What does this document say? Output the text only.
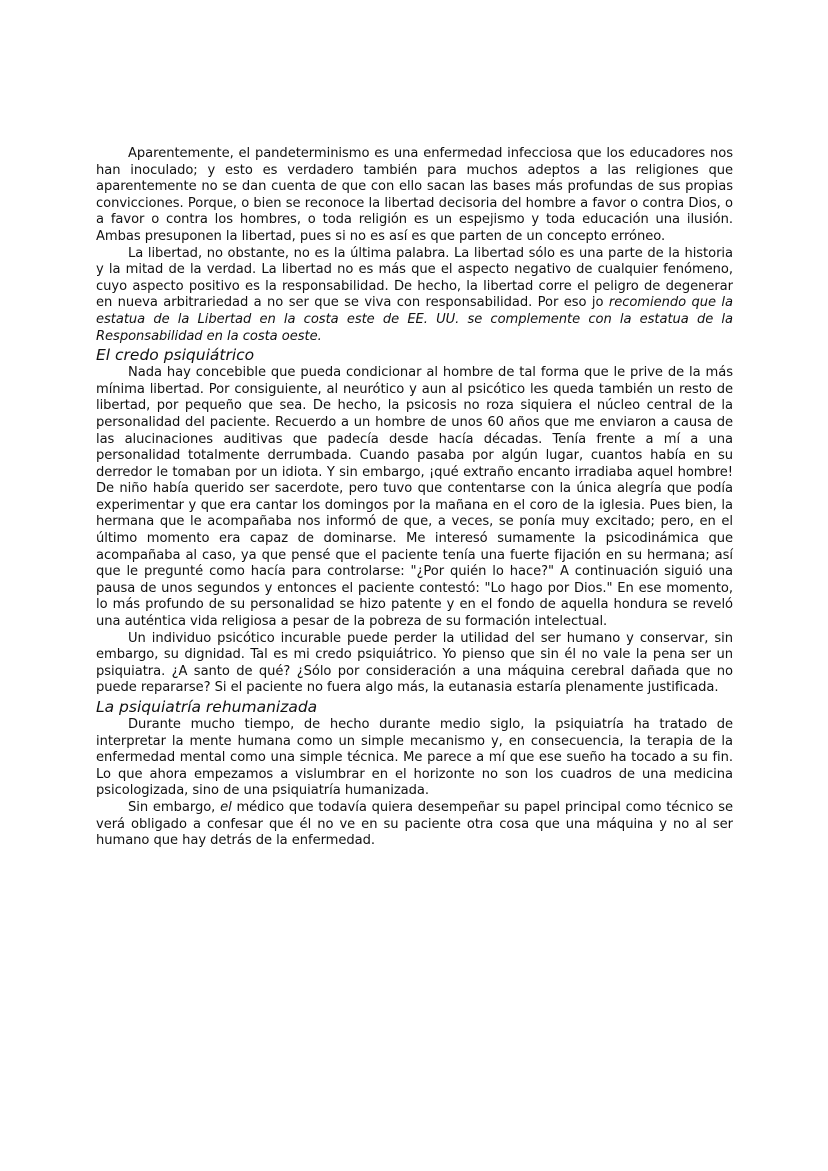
Aparentemente, el pandeterminismo es una enfermedad infecciosa que los educadores nos han inoculado; y esto es verdadero también para muchos adeptos a las religiones que aparentemente no se dan cuenta de que con ello sacan las bases más profundas de sus propias convicciones. Porque, o bien se reconoce la libertad decisoria del hombre a favor o contra Dios, o a favor o contra los hombres, o toda religión es un espejismo y toda educación una ilusión. Ambas presuponen la libertad, pues si no es así es que parten de un concepto erróneo.

La libertad, no obstante, no es la última palabra. La libertad sólo es una parte de la historia y la mitad de la verdad. La libertad no es más que el aspecto negativo de cualquier fenómeno, cuyo aspecto positivo es la responsabilidad. De hecho, la libertad corre el peligro de degenerar en nueva arbitrariedad a no ser que se viva con responsabilidad. Por eso jo recomiendo que la estatua de la Libertad en la costa este de EE. UU. se complemente con la estatua de la Responsabilidad en la costa oeste.

El credo psiquiátrico

Nada hay concebible que pueda condicionar al hombre de tal forma que le prive de la más mínima libertad. Por consiguiente, al neurótico y aun al psicótico les queda también un resto de libertad, por pequeño que sea. De hecho, la psicosis no roza siquiera el núcleo central de la personalidad del paciente. Recuerdo a un hombre de unos 60 años que me enviaron a causa de las alucinaciones auditivas que padecía desde hacía décadas. Tenía frente a mí a una personalidad totalmente derrumbada. Cuando pasaba por algún lugar, cuantos había en su derredor le tomaban por un idiota. Y sin embargo, ¡qué extraño encanto irradiaba aquel hombre! De niño había querido ser sacerdote, pero tuvo que contentarse con la única alegría que podía experimentar y que era cantar los domingos por la mañana en el coro de la iglesia. Pues bien, la hermana que le acompañaba nos informó de que, a veces, se ponía muy excitado; pero, en el último momento era capaz de dominarse. Me interesó sumamente la psicodinámica que acompañaba al caso, ya que pensé que el paciente tenía una fuerte fijación en su hermana; así que le pregunté como hacía para controlarse: "¿Por quién lo hace?" A continuación siguió una pausa de unos segundos y entonces el paciente contestó: "Lo hago por Dios." En ese momento, lo más profundo de su personalidad se hizo patente y en el fondo de aquella hondura se reveló una auténtica vida religiosa a pesar de la pobreza de su formación intelectual.

Un individuo psicótico incurable puede perder la utilidad del ser humano y conservar, sin embargo, su dignidad. Tal es mi credo psiquiátrico. Yo pienso que sin él no vale la pena ser un psiquiatra. ¿A santo de qué? ¿Sólo por consideración a una máquina cerebral dañada que no puede repararse? Si el paciente no fuera algo más, la eutanasia estaría plenamente justificada.

La psiquiatría rehumanizada

Durante mucho tiempo, de hecho durante medio siglo, la psiquiatría ha tratado de interpretar la mente humana como un simple mecanismo y, en consecuencia, la terapia de la enfermedad mental como una simple técnica. Me parece a mí que ese sueño ha tocado a su fin. Lo que ahora empezamos a vislumbrar en el horizonte no son los cuadros de una medicina psicologizada, sino de una psiquiatría humanizada.

Sin embargo, el médico que todavía quiera desempeñar su papel principal como técnico se verá obligado a confesar que él no ve en su paciente otra cosa que una máquina y no al ser humano que hay detrás de la enfermedad.
